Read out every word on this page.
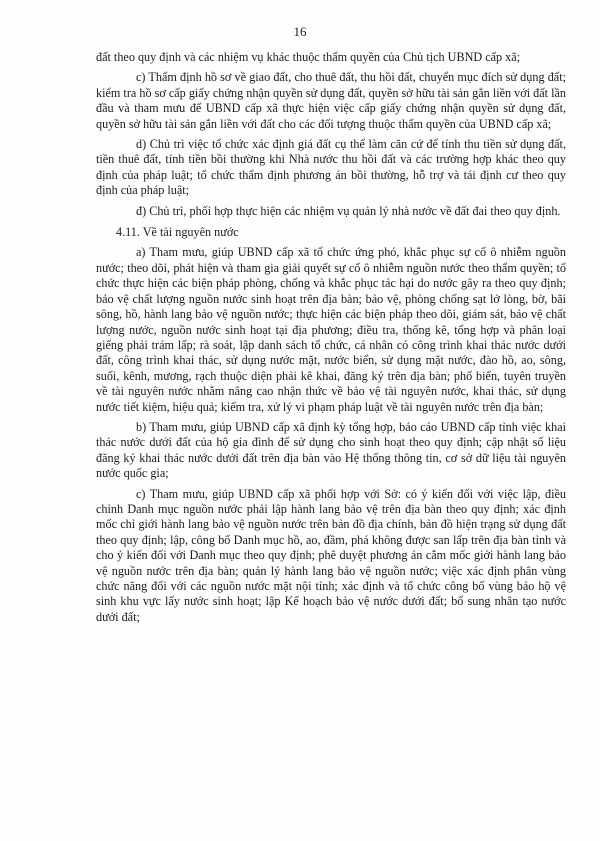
16

đất theo quy định và các nhiệm vụ khác thuộc thẩm quyền của Chủ tịch UBND cấp xã;

c) Thẩm định hồ sơ về giao đất, cho thuê đất, thu hồi đất, chuyển mục đích sử dụng đất; kiểm tra hồ sơ cấp giấy chứng nhận quyền sử dụng đất, quyền sở hữu tài sản gắn liền với đất lần đầu và tham mưu để UBND cấp xã thực hiện việc cấp giấy chứng nhận quyền sử dụng đất, quyền sở hữu tài sản gắn liền với đất cho các đối tượng thuộc thẩm quyền của UBND cấp xã;

d) Chủ trì việc tổ chức xác định giá đất cụ thể làm căn cứ để tính thu tiền sử dụng đất, tiền thuê đất, tính tiền bồi thường khi Nhà nước thu hồi đất và các trường hợp khác theo quy định của pháp luật; tổ chức thẩm định phương án bồi thường, hỗ trợ và tái định cư theo quy định của pháp luật;

đ) Chủ trì, phối hợp thực hiện các nhiệm vụ quản lý nhà nước về đất đai theo quy định.

4.11. Về tài nguyên nước

a) Tham mưu, giúp UBND cấp xã tổ chức ứng phó, khắc phục sự cố ô nhiễm nguồn nước; theo dõi, phát hiện và tham gia giải quyết sự cố ô nhiễm nguồn nước theo thẩm quyền; tổ chức thực hiện các biện pháp phòng, chống và khắc phục tác hại do nước gây ra theo quy định; bảo vệ chất lượng nguồn nước sinh hoạt trên địa bàn; bảo vệ, phòng chống sạt lở lòng, bờ, bãi sông, hồ, hành lang bảo vệ nguồn nước; thực hiện các biện pháp theo dõi, giám sát, bảo vệ chất lượng nước, nguồn nước sinh hoạt tại địa phương; điều tra, thống kê, tổng hợp và phân loại giếng phải trám lấp; rà soát, lập danh sách tổ chức, cá nhân có công trình khai thác nước dưới đất, công trình khai thác, sử dụng nước mặt, nước biển, sử dụng mặt nước, đào hồ, ao, sông, suối, kênh, mương, rạch thuộc diện phải kê khai, đăng ký trên địa bàn; phổ biến, tuyên truyền về tài nguyên nước nhằm nâng cao nhận thức về bảo vệ tài nguyên nước, khai thác, sử dụng nước tiết kiệm, hiệu quả; kiểm tra, xử lý vi phạm pháp luật về tài nguyên nước trên địa bàn;

b) Tham mưu, giúp UBND cấp xã định kỳ tổng hợp, báo cáo UBND cấp tỉnh việc khai thác nước dưới đất của hộ gia đình để sử dụng cho sinh hoạt theo quy định; cập nhật số liệu đăng ký khai thác nước dưới đất trên địa bàn vào Hệ thống thông tin, cơ sở dữ liệu tài nguyên nước quốc gia;

c) Tham mưu, giúp UBND cấp xã phối hợp với Sở: có ý kiến đối với việc lập, điều chỉnh Danh mục nguồn nước phải lập hành lang bảo vệ trên địa bàn theo quy định; xác định mốc chỉ giới hành lang bảo vệ nguồn nước trên bản đồ địa chính, bản đồ hiện trạng sử dụng đất theo quy định; lập, công bố Danh mục hồ, ao, đầm, phá không được san lấp trên địa bàn tỉnh và cho ý kiến đối với Danh mục theo quy định; phê duyệt phương án cắm mốc giới hành lang bảo vệ nguồn nước trên địa bàn; quản lý hành lang bảo vệ nguồn nước; việc xác định phân vùng chức năng đối với các nguồn nước mặt nội tỉnh; xác định và tổ chức công bố vùng bảo hộ vệ sinh khu vực lấy nước sinh hoạt; lập Kế hoạch bảo vệ nước dưới đất; bổ sung nhân tạo nước dưới đất;
